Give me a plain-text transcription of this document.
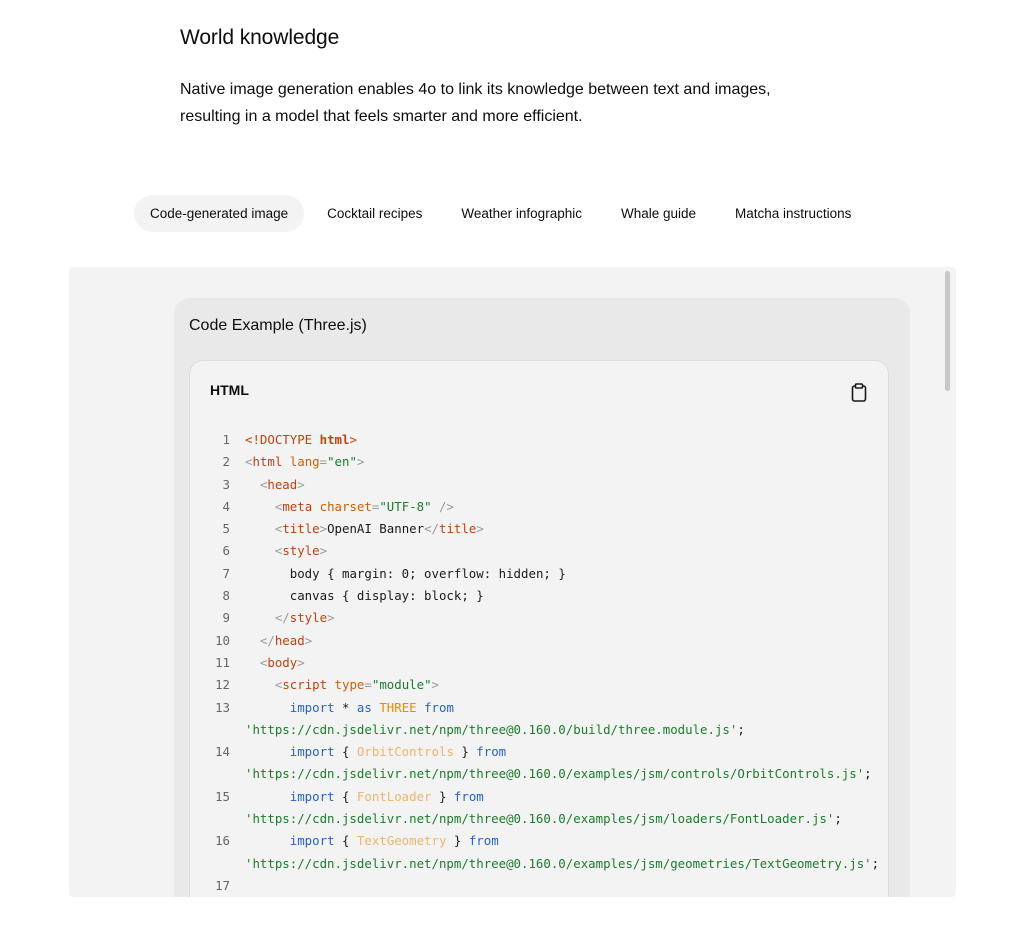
World knowledge

Native image generation enables 4o to link its knowledge between text and images, resulting in a model that feels smarter and more efficient.

Code-generated image	Cocktail recipes	Weather infographic	Whale guide	Matcha instructions
Code Example (Three.js)
HTML
1	<!DOCTYPE html>
2	<html lang="en">
3	<head>
4	<meta charset="UTF-8" />
5	<title>OpenAI Banner</title>
6	<style>
7	body { margin: 0; overflow: hidden; }
8	canvas { display: block; }
9	</style>
10	</head>
11	<body>
12	<script type="module">
13	import * as THREE from
'https://cdn.jsdelivr.net/npm/three@0.160.0/build/three.module.js';
14	import { OrbitControls } from
'https://cdn.jsdelivr.net/npm/three@0.160.0/examples/jsm/controls/OrbitControls.js';
15	import { FontLoader } from
'https://cdn.jsdelivr.net/npm/three@0.160.0/examples/jsm/loaders/FontLoader.js';
16	import { TextGeometry } from
'https://cdn.jsdelivr.net/npm/three@0.160.0/examples/jsm/geometries/TextGeometry.js';
17
